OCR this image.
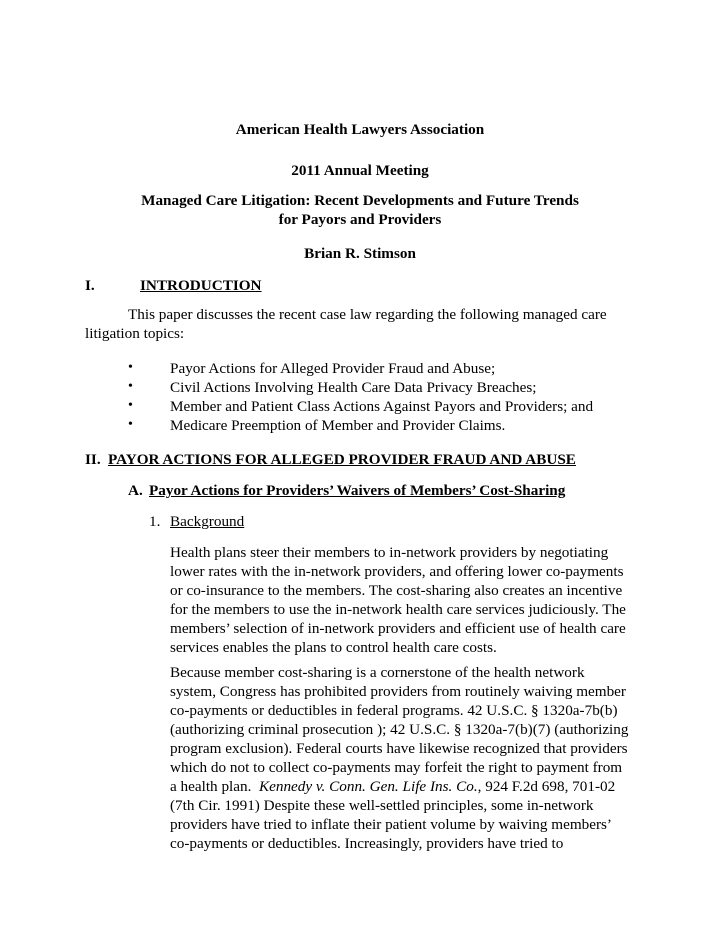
American Health Lawyers Association
2011 Annual Meeting
Managed Care Litigation: Recent Developments and Future Trends
for Payors and Providers
Brian R. Stimson
I.	INTRODUCTION
This paper discusses the recent case law regarding the following managed care
litigation topics:
• Payor Actions for Alleged Provider Fraud and Abuse;
• Civil Actions Involving Health Care Data Privacy Breaches;
• Member and Patient Class Actions Against Payors and Providers; and
• Medicare Preemption of Member and Provider Claims.
II. PAYOR ACTIONS FOR ALLEGED PROVIDER FRAUD AND ABUSE
A. Payor Actions for Providers’ Waivers of Members’ Cost-Sharing
1. Background
Health plans steer their members to in-network providers by negotiating
lower rates with the in-network providers, and offering lower co-payments
or co-insurance to the members. The cost-sharing also creates an incentive
for the members to use the in-network health care services judiciously. The
members’ selection of in-network providers and efficient use of health care
services enables the plans to control health care costs.
Because member cost-sharing is a cornerstone of the health network
system, Congress has prohibited providers from routinely waiving member
co-payments or deductibles in federal programs. 42 U.S.C. § 1320a-7b(b)
(authorizing criminal prosecution ); 42 U.S.C. § 1320a-7(b)(7) (authorizing
program exclusion). Federal courts have likewise recognized that providers
which do not to collect co-payments may forfeit the right to payment from
a health plan.  Kennedy v. Conn. Gen. Life Ins. Co., 924 F.2d 698, 701-02
(7th Cir. 1991) Despite these well-settled principles, some in-network
providers have tried to inflate their patient volume by waiving members’
co-payments or deductibles. Increasingly, providers have tried to
